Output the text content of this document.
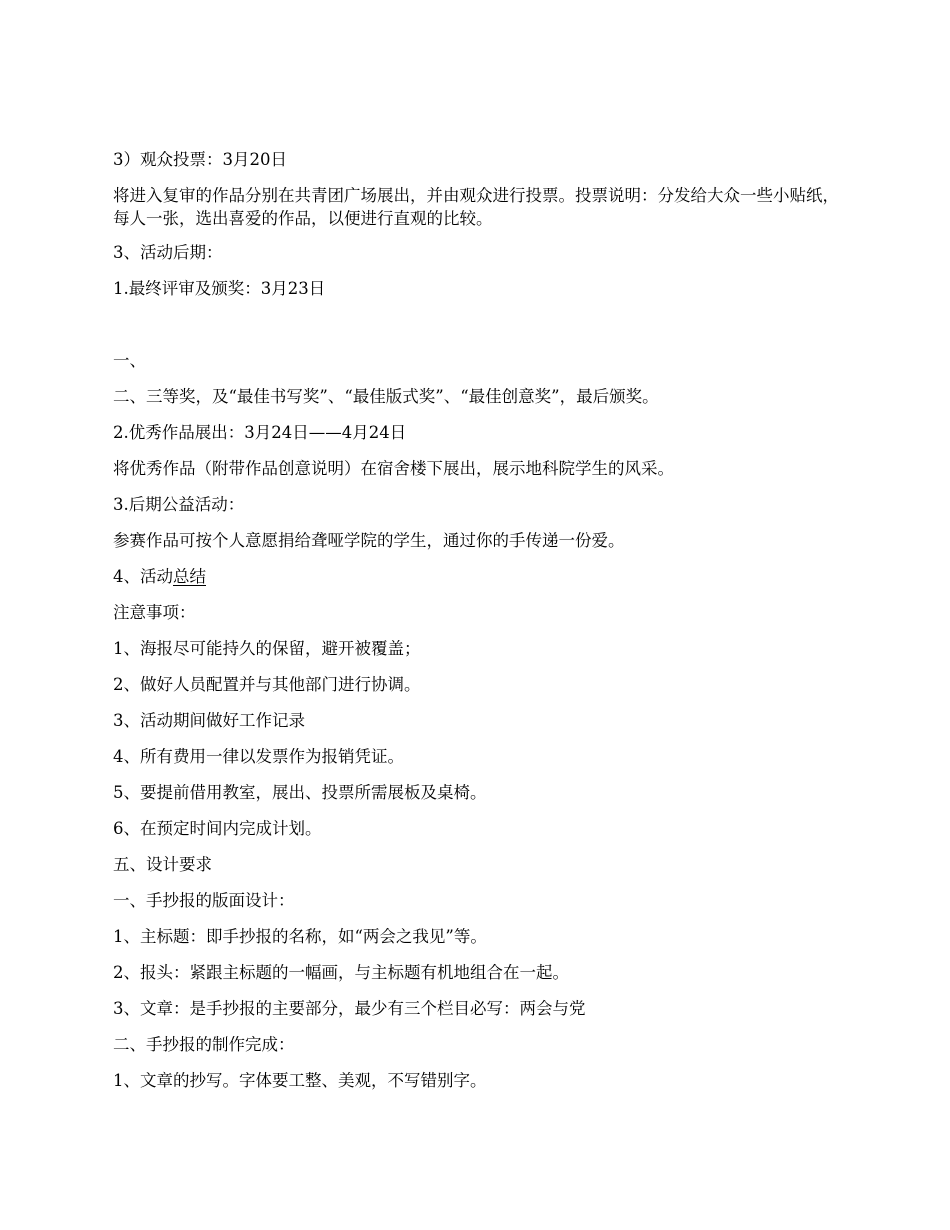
3）观众投票：3月20日
将进入复审的作品分别在共青团广场展出，并由观众进行投票。投票说明：分发给大众一些小贴纸，每人一张，选出喜爱的作品，以便进行直观的比较。
3、活动后期：
1.最终评审及颁奖：3月23日
一、
二、三等奖，及“最佳书写奖”、“最佳版式奖”、“最佳创意奖”，最后颁奖。
2.优秀作品展出：3月24日——4月24日
将优秀作品（附带作品创意说明）在宿舍楼下展出，展示地科院学生的风采。
3.后期公益活动：
参赛作品可按个人意愿捐给聋哑学院的学生，通过你的手传递一份爱。
4、活动总结
注意事项：
1、海报尽可能持久的保留，避开被覆盖；
2、做好人员配置并与其他部门进行协调。
3、活动期间做好工作记录
4、所有费用一律以发票作为报销凭证。
5、要提前借用教室，展出、投票所需展板及桌椅。
6、在预定时间内完成计划。
五、设计要求
一、手抄报的版面设计：
1、主标题：即手抄报的名称，如“两会之我见”等。
2、报头：紧跟主标题的一幅画，与主标题有机地组合在一起。
3、文章：是手抄报的主要部分，最少有三个栏目必写：两会与党
二、手抄报的制作完成：
1、文章的抄写。字体要工整、美观，不写错别字。
